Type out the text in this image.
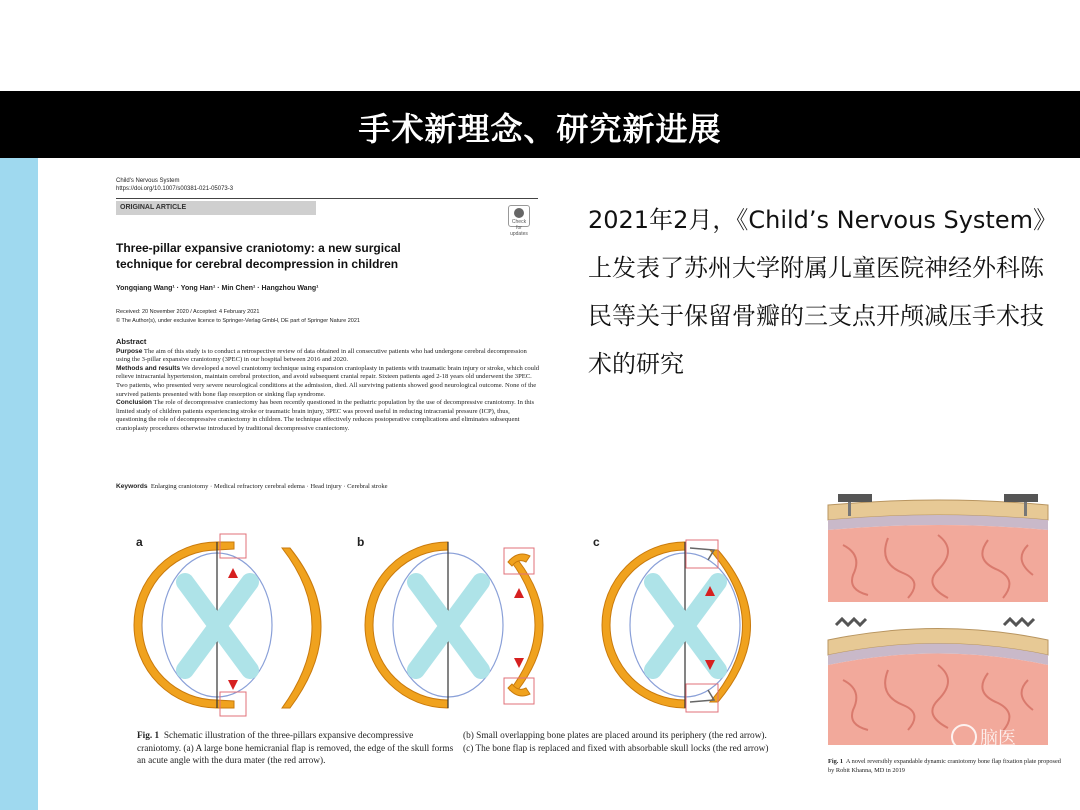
手术新理念、研究新进展
Child's Nervous System
https://doi.org/10.1007/s00381-021-05073-3
ORIGINAL ARTICLE
Check for updates
Three-pillar expansive craniotomy: a new surgical technique for cerebral decompression in children
Yongqiang Wang¹ · Yong Han¹ · Min Chen¹ · Hangzhou Wang¹
Received: 20 November 2020 / Accepted: 4 February 2021
© The Author(s), under exclusive licence to Springer-Verlag GmbH, DE part of Springer Nature 2021
Abstract

Purpose The aim of this study is to conduct a retrospective review of data obtained in all consecutive patients who had undergone cerebral decompression using the 3-pillar expansive craniotomy (3PEC) in our hospital between 2016 and 2020.

Methods and results We developed a novel craniotomy technique using expansion cranioplasty in patients with traumatic brain injury or stroke, which could relieve intracranial hypertension, maintain cerebral protection, and avoid subsequent cranial repair. Sixteen patients aged 2-18 years old underwent the 3PEC. Two patients, who presented very severe neurological conditions at the admission, died. All surviving patients showed good neurological outcome. None of the survived patients presented with bone flap resorption or sinking flap syndrome.

Conclusion The role of decompressive craniectomy has been recently questioned in the pediatric population by the use of decompressive craniotomy. In this limited study of children patients experiencing stroke or traumatic brain injury, 3PEC was proved useful in reducing intracranial pressure (ICP), thus, questioning the role of decompressive craniectomy in children. The technique effectively reduces postoperative complications and eliminates subsequent cranioplasty procedures otherwise introduced by traditional decompressive craniectomy.

Keywords Enlarging craniotomy · Medical refractory cerebral edema · Head injury · Cerebral stroke
2021年2月，《Child’s Nervous System》上发表了苏州大学附属儿童医院神经外科陈民等关于保留骨瓣的三支点开颅减压手术技术的研究
a	b	c
Fig. 1 Schematic illustration of the three-pillars expansive decompressive craniotomy. (a) A large bone hemicranial flap is removed, the edge of the skull forms an acute angle with the dura mater (the red arrow).
(b) Small overlapping bone plates are placed around its periphery (the red arrow). (c) The bone flap is replaced and fixed with absorbable skull locks (the red arrow)	脑医
Fig. 1 A novel reversibly expandable dynamic craniotomy bone flap fixation plate proposed by Robit Khanna, MD in 2019
